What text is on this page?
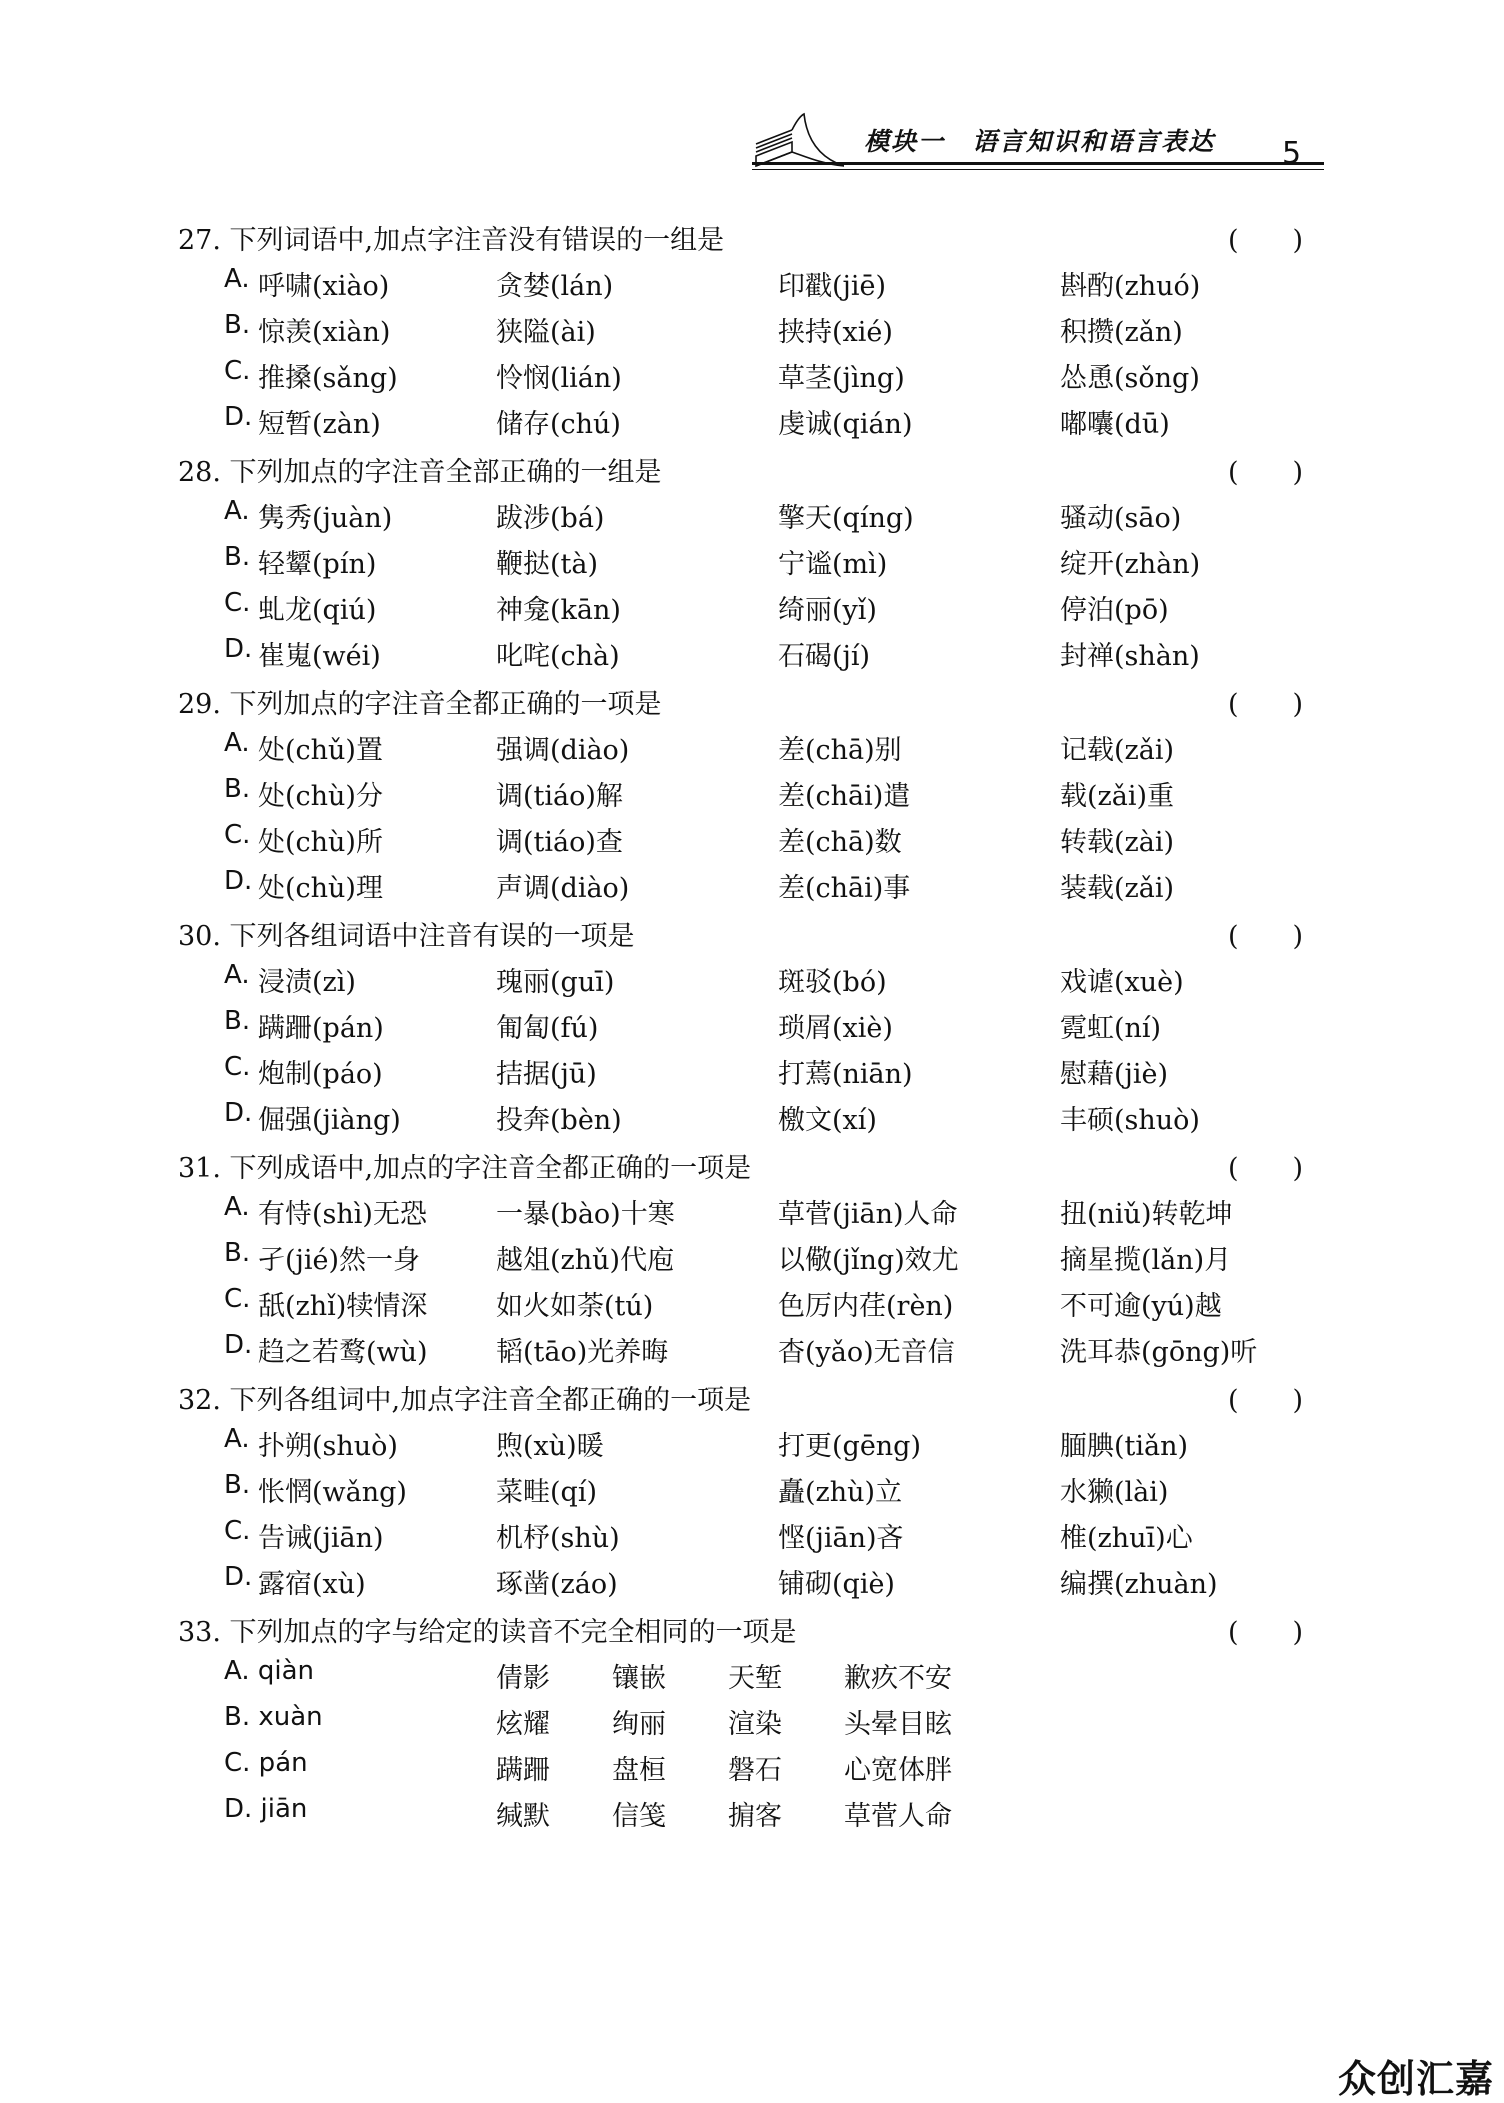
模块一　语言知识和语言表达 5
27. 下列词语中,加点字注音没有错误的一组是	(　　)
A. 呼啸(xiào)	贪婪(lán)	印戳(jiē)	斟酌(zhuó)
B. 惊羡(xiàn)	狭隘(ài)	挟持(xié)	积攒(zǎn)
C. 推搡(sǎng)	怜悯(lián)	草茎(jìng)	怂恿(sǒng)
D. 短暂(zàn)	储存(chú)	虔诚(qián)	嘟囔(dū)
28. 下列加点的字注音全部正确的一组是	(　　)
A. 隽秀(juàn)	跋涉(bá)	擎天(qíng)	骚动(sāo)
B. 轻颦(pín)	鞭挞(tà)	宁谧(mì)	绽开(zhàn)
C. 虬龙(qiú)	神龛(kān)	绮丽(yǐ)	停泊(pō)
D. 崔嵬(wéi)	叱咤(chà)	石碣(jí)	封禅(shàn)
29. 下列加点的字注音全都正确的一项是	(　　)
A. 处(chǔ)置	强调(diào)	差(chā)别	记载(zǎi)
B. 处(chù)分	调(tiáo)解	差(chāi)遣	载(zǎi)重
C. 处(chù)所	调(tiáo)查	差(chā)数	转载(zài)
D. 处(chù)理	声调(diào)	差(chāi)事	装载(zǎi)
30. 下列各组词语中注音有误的一项是	(　　)
A. 浸渍(zì)	瑰丽(guī)	斑驳(bó)	戏谑(xuè)
B. 蹒跚(pán)	匍匐(fú)	琐屑(xiè)	霓虹(ní)
C. 炮制(páo)	拮据(jū)	打蔫(niān)	慰藉(jiè)
D. 倔强(jiàng)	投奔(bèn)	檄文(xí)	丰硕(shuò)
31. 下列成语中,加点的字注音全都正确的一项是	(　　)
A. 有恃(shì)无恐	一暴(bào)十寒	草菅(jiān)人命	扭(niǔ)转乾坤
B. 孑(jié)然一身	越俎(zhǔ)代庖	以儆(jǐng)效尤	摘星揽(lǎn)月
C. 舐(zhǐ)犊情深	如火如荼(tú)	色厉内荏(rèn)	不可逾(yú)越
D. 趋之若鹜(wù)	韬(tāo)光养晦	杳(yǎo)无音信	洗耳恭(gōng)听
32. 下列各组词中,加点字注音全都正确的一项是	(　　)
A. 扑朔(shuò)	煦(xù)暖	打更(gēng)	腼腆(tiǎn)
B. 怅惘(wǎng)	菜畦(qí)	矗(zhù)立	水獭(lài)
C. 告诫(jiān)	机杼(shù)	悭(jiān)吝	椎(zhuī)心
D. 露宿(xù)	琢凿(záo)	铺砌(qiè)	编撰(zhuàn)
33. 下列加点的字与给定的读音不完全相同的一项是	(　　)
A. qiàn	倩影 镶嵌 天堑 歉疚不安
B. xuàn	炫耀 绚丽 渲染 头晕目眩
C. pán	蹒跚 盘桓 磐石 心宽体胖
D. jiān	缄默 信笺 掮客 草菅人命
众创汇嘉
